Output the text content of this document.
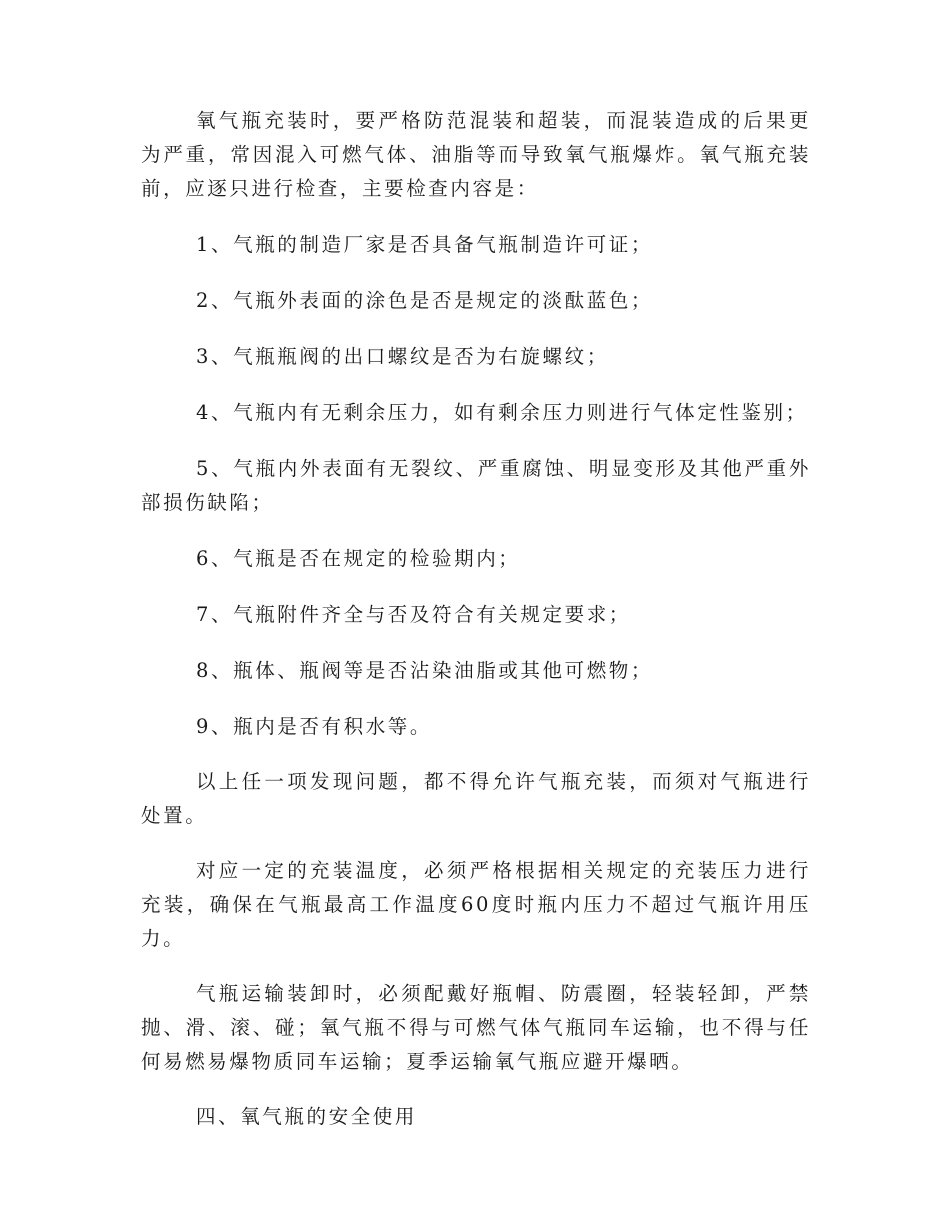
氧气瓶充装时，要严格防范混装和超装，而混装造成的后果更为严重，常因混入可燃气体、油脂等而导致氧气瓶爆炸。氧气瓶充装前，应逐只进行检查，主要检查内容是：

1、气瓶的制造厂家是否具备气瓶制造许可证；

2、气瓶外表面的涂色是否是规定的淡酞蓝色；

3、气瓶瓶阀的出口螺纹是否为右旋螺纹；

4、气瓶内有无剩余压力，如有剩余压力则进行气体定性鉴别；

5、气瓶内外表面有无裂纹、严重腐蚀、明显变形及其他严重外部损伤缺陷；

6、气瓶是否在规定的检验期内；

7、气瓶附件齐全与否及符合有关规定要求；

8、瓶体、瓶阀等是否沾染油脂或其他可燃物；

9、瓶内是否有积水等。

以上任一项发现问题，都不得允许气瓶充装，而须对气瓶进行处置。

对应一定的充装温度，必须严格根据相关规定的充装压力进行充装，确保在气瓶最高工作温度60度时瓶内压力不超过气瓶许用压力。

气瓶运输装卸时，必须配戴好瓶帽、防震圈，轻装轻卸，严禁抛、滑、滚、碰；氧气瓶不得与可燃气体气瓶同车运输，也不得与任何易燃易爆物质同车运输；夏季运输氧气瓶应避开爆晒。

四、氧气瓶的安全使用
